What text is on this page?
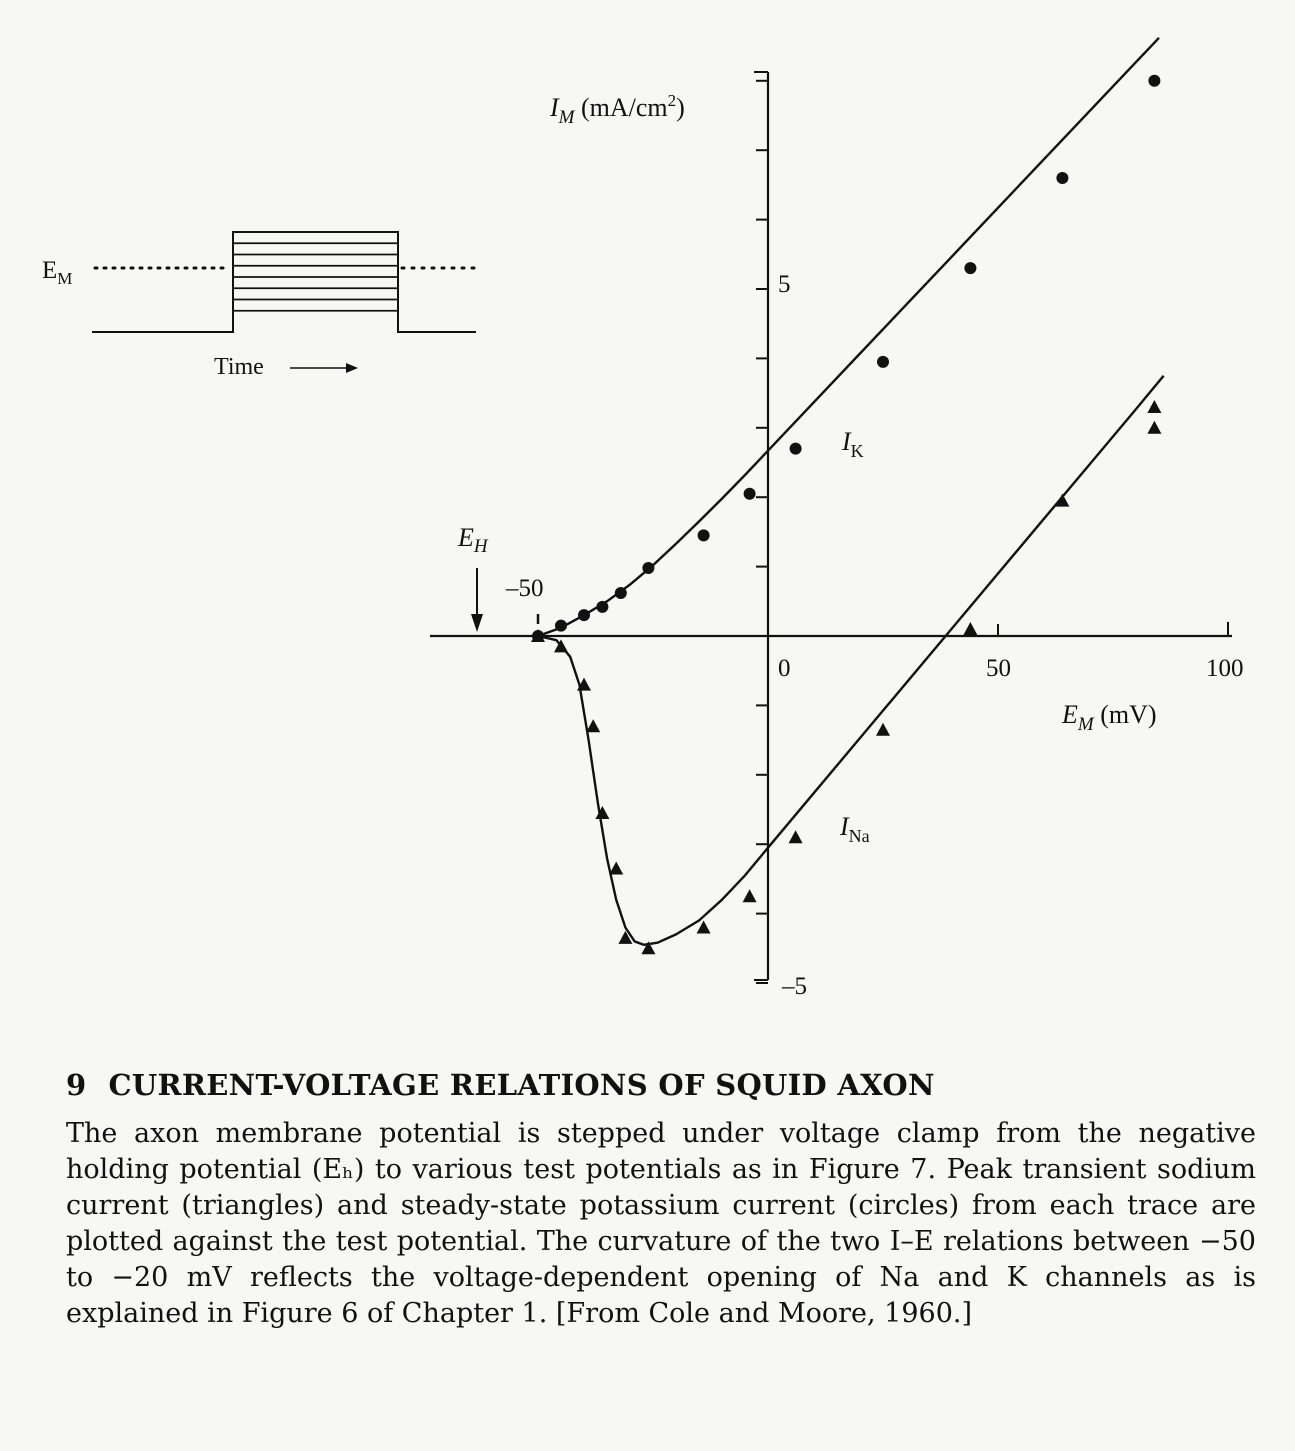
$E_M$
Time
0	50	100
–50
5
–5
$I_M$ $(mA/cm^2)$
$E_M$ (mV)
$E_H$
$I_K$
$I_{Na}$
9 CURRENT-VOLTAGE RELATIONS OF SQUID AXON
The axon membrane potential is stepped under voltage clamp from the negative holding potential (Eₕ) to various test potentials as in Figure 7. Peak transient sodium current (triangles) and steady-state potassium current (circles) from each trace are plotted against the test potential. The curvature of the two I–E relations between −50 to −20 mV reflects the voltage-dependent opening of Na and K channels as is explained in Figure 6 of Chapter 1. [From Cole and Moore, 1960.]
